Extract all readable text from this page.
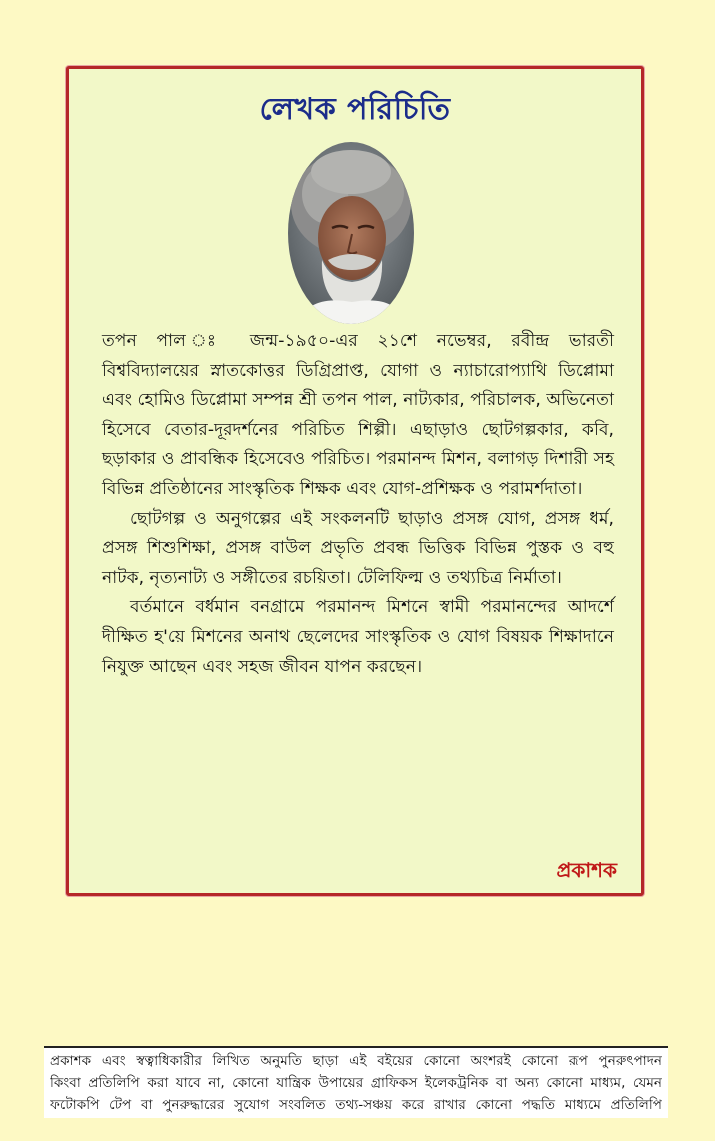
লেখক পরিচিতি

তপন পাল ঃ জন্ম-১৯৫০-এর ২১শে নভেম্বর, রবীন্দ্র ভারতী বিশ্ববিদ্যালয়ের স্নাতকোত্তর ডিগ্রিপ্রাপ্ত, যোগা ও ন্যাচারোপ্যাথি ডিপ্লোমা এবং হোমিও ডিপ্লোমা সম্পন্ন শ্রী তপন পাল, নাট্যকার, পরিচালক, অভিনেতা হিসেবে বেতার-দূরদর্শনের পরিচিত শিল্পী। এছাড়াও ছোটগল্পকার, কবি, ছড়াকার ও প্রাবন্ধিক হিসেবেও পরিচিত। পরমানন্দ মিশন, বলাগড় দিশারী সহ বিভিন্ন প্রতিষ্ঠানের সাংস্কৃতিক শিক্ষক এবং যোগ-প্রশিক্ষক ও পরামর্শদাতা।

ছোটগল্প ও অনুগল্পের এই সংকলনটি ছাড়াও প্রসঙ্গ যোগ, প্রসঙ্গ ধর্ম, প্রসঙ্গ শিশুশিক্ষা, প্রসঙ্গ বাউল প্রভৃতি প্রবন্ধ ভিত্তিক বিভিন্ন পুস্তক ও বহু নাটক, নৃত্যনাট্য ও সঙ্গীতের রচয়িতা। টেলিফিল্ম ও তথ্যচিত্র নির্মাতা।

বর্তমানে বর্ধমান বনগ্রামে পরমানন্দ মিশনে স্বামী পরমানন্দের আদর্শে দীক্ষিত হ'য়ে মিশনের অনাথ ছেলেদের সাংস্কৃতিক ও যোগ বিষয়ক শিক্ষাদানে নিযুক্ত আছেন এবং সহজ জীবন যাপন করছেন।

প্রকাশক
প্রকাশক এবং স্বত্বাধিকারীর লিখিত অনুমতি ছাড়া এই বইয়ের কোনো অংশরই কোনো রূপ পুনরুৎপাদন
কিংবা প্রতিলিপি করা যাবে না, কোনো যান্ত্রিক উপায়ের গ্রাফিকস ইলেকট্রনিক বা অন্য কোনো মাধ্যম, যেমন
ফটোকপি টেপ বা পুনরুদ্ধারের সুযোগ সংবলিত তথ্য-সঞ্চয় করে রাখার কোনো পদ্ধতি মাধ্যমে প্রতিলিপি
